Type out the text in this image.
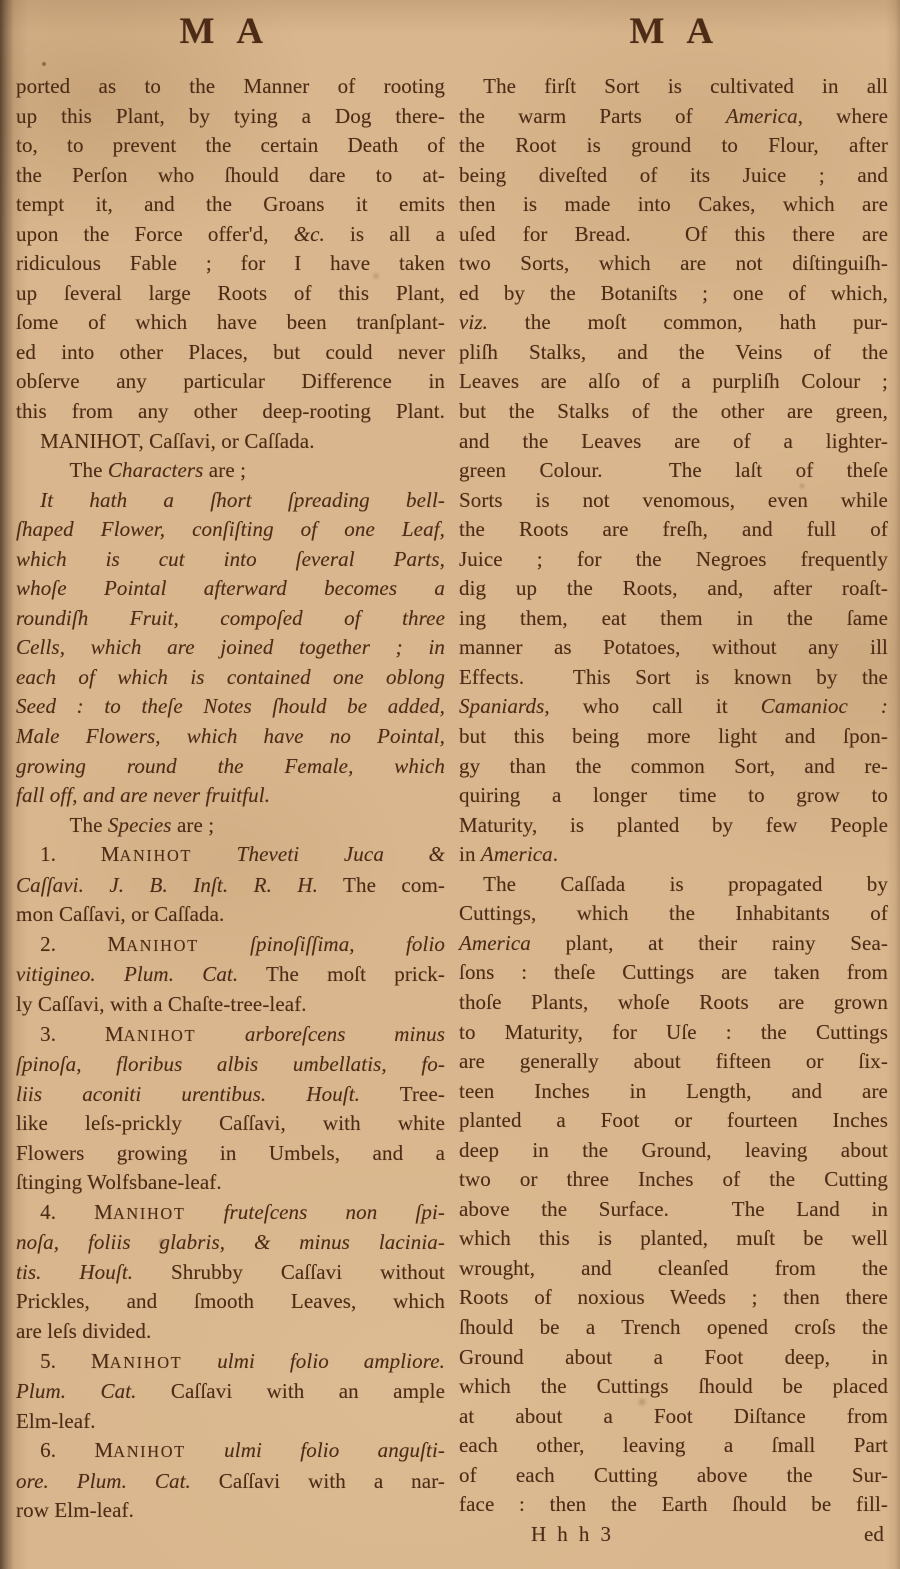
M A	M A
ported as to the Manner of rooting
up this Plant, by tying a Dog there-
to, to prevent the certain Death of
the Perſon who ſhould dare to at-
tempt it, and the Groans it emits
upon the Force offer'd, &c. is all a
ridiculous Fable ; for I have taken
up ſeveral large Roots of this Plant,
ſome of which have been tranſplant-
ed into other Places, but could never
obſerve any particular Difference in
this from any other deep-rooting Plant.
MANIHOT, Caſſavi, or Caſſada.
The Characters are ;
It hath a ſhort ſpreading bell-
ſhaped Flower, conſiſting of one Leaf,
which is cut into ſeveral Parts,
whoſe Pointal afterward becomes a
roundiſh Fruit, compoſed of three
Cells, which are joined together ; in
each of which is contained one oblong
Seed : to theſe Notes ſhould be added,
Male Flowers, which have no Pointal,
growing round the Female, which
fall off, and are never fruitful.
The Species are ;
1. MANIHOT Theveti Juca &
Caſſavi. J. B. Inſt. R. H. The com-
mon Caſſavi, or Caſſada.
2. MANIHOT ſpinoſiſſima, folio
vitigineo. Plum. Cat. The moſt prick-
ly Caſſavi, with a Chaſte-tree-leaf.
3. MANIHOT arboreſcens minus
ſpinoſa, floribus albis umbellatis, fo-
liis aconiti urentibus. Houſt. Tree-
like leſs-prickly Caſſavi, with white
Flowers growing in Umbels, and a
ſtinging Wolfsbane-leaf.
4. MANIHOT fruteſcens non ſpi-
noſa, foliis glabris, & minus lacinia-
tis. Houſt. Shrubby Caſſavi without
Prickles, and ſmooth Leaves, which
are leſs divided.
5. MANIHOT ulmi folio ampliore.
Plum. Cat. Caſſavi with an ample
Elm-leaf.
6. MANIHOT ulmi folio anguſti-
ore. Plum. Cat. Caſſavi with a nar-
row Elm-leaf.
The firſt Sort is cultivated in all
the warm Parts of America, where
the Root is ground to Flour, after
being diveſted of its Juice ; and
then is made into Cakes, which are
uſed for Bread.  Of this there are
two Sorts, which are not diſtinguiſh-
ed by the Botaniſts ; one of which,
viz. the moſt common, hath pur-
pliſh Stalks, and the Veins of the
Leaves are alſo of a purpliſh Colour ;
but the Stalks of the other are green,
and the Leaves are of a lighter-
green Colour.  The laſt of theſe
Sorts is not venomous, even while
the Roots are freſh, and full of
Juice ; for the Negroes frequently
dig up the Roots, and, after roaſt-
ing them, eat them in the ſame
manner as Potatoes, without any ill
Effects.  This Sort is known by the
Spaniards, who call it Camanioc :
but this being more light and ſpon-
gy than the common Sort, and re-
quiring a longer time to grow to
Maturity, is planted by few People
in America.
The Caſſada is propagated by
Cuttings, which the Inhabitants of
America plant, at their rainy Sea-
ſons : theſe Cuttings are taken from
thoſe Plants, whoſe Roots are grown
to Maturity, for Uſe : the Cuttings
are generally about fifteen or ſix-
teen Inches in Length, and are
planted a Foot or fourteen Inches
deep in the Ground, leaving about
two or three Inches of the Cutting
above the Surface.  The Land in
which this is planted, muſt be well
wrought, and cleanſed from the
Roots of noxious Weeds ; then there
ſhould be a Trench opened croſs the
Ground about a Foot deep, in
which the Cuttings ſhould be placed
at about a Foot Diſtance from
each other, leaving a ſmall Part
of each Cutting above the Sur-
face : then the Earth ſhould be fill-
H h h 3	ed
